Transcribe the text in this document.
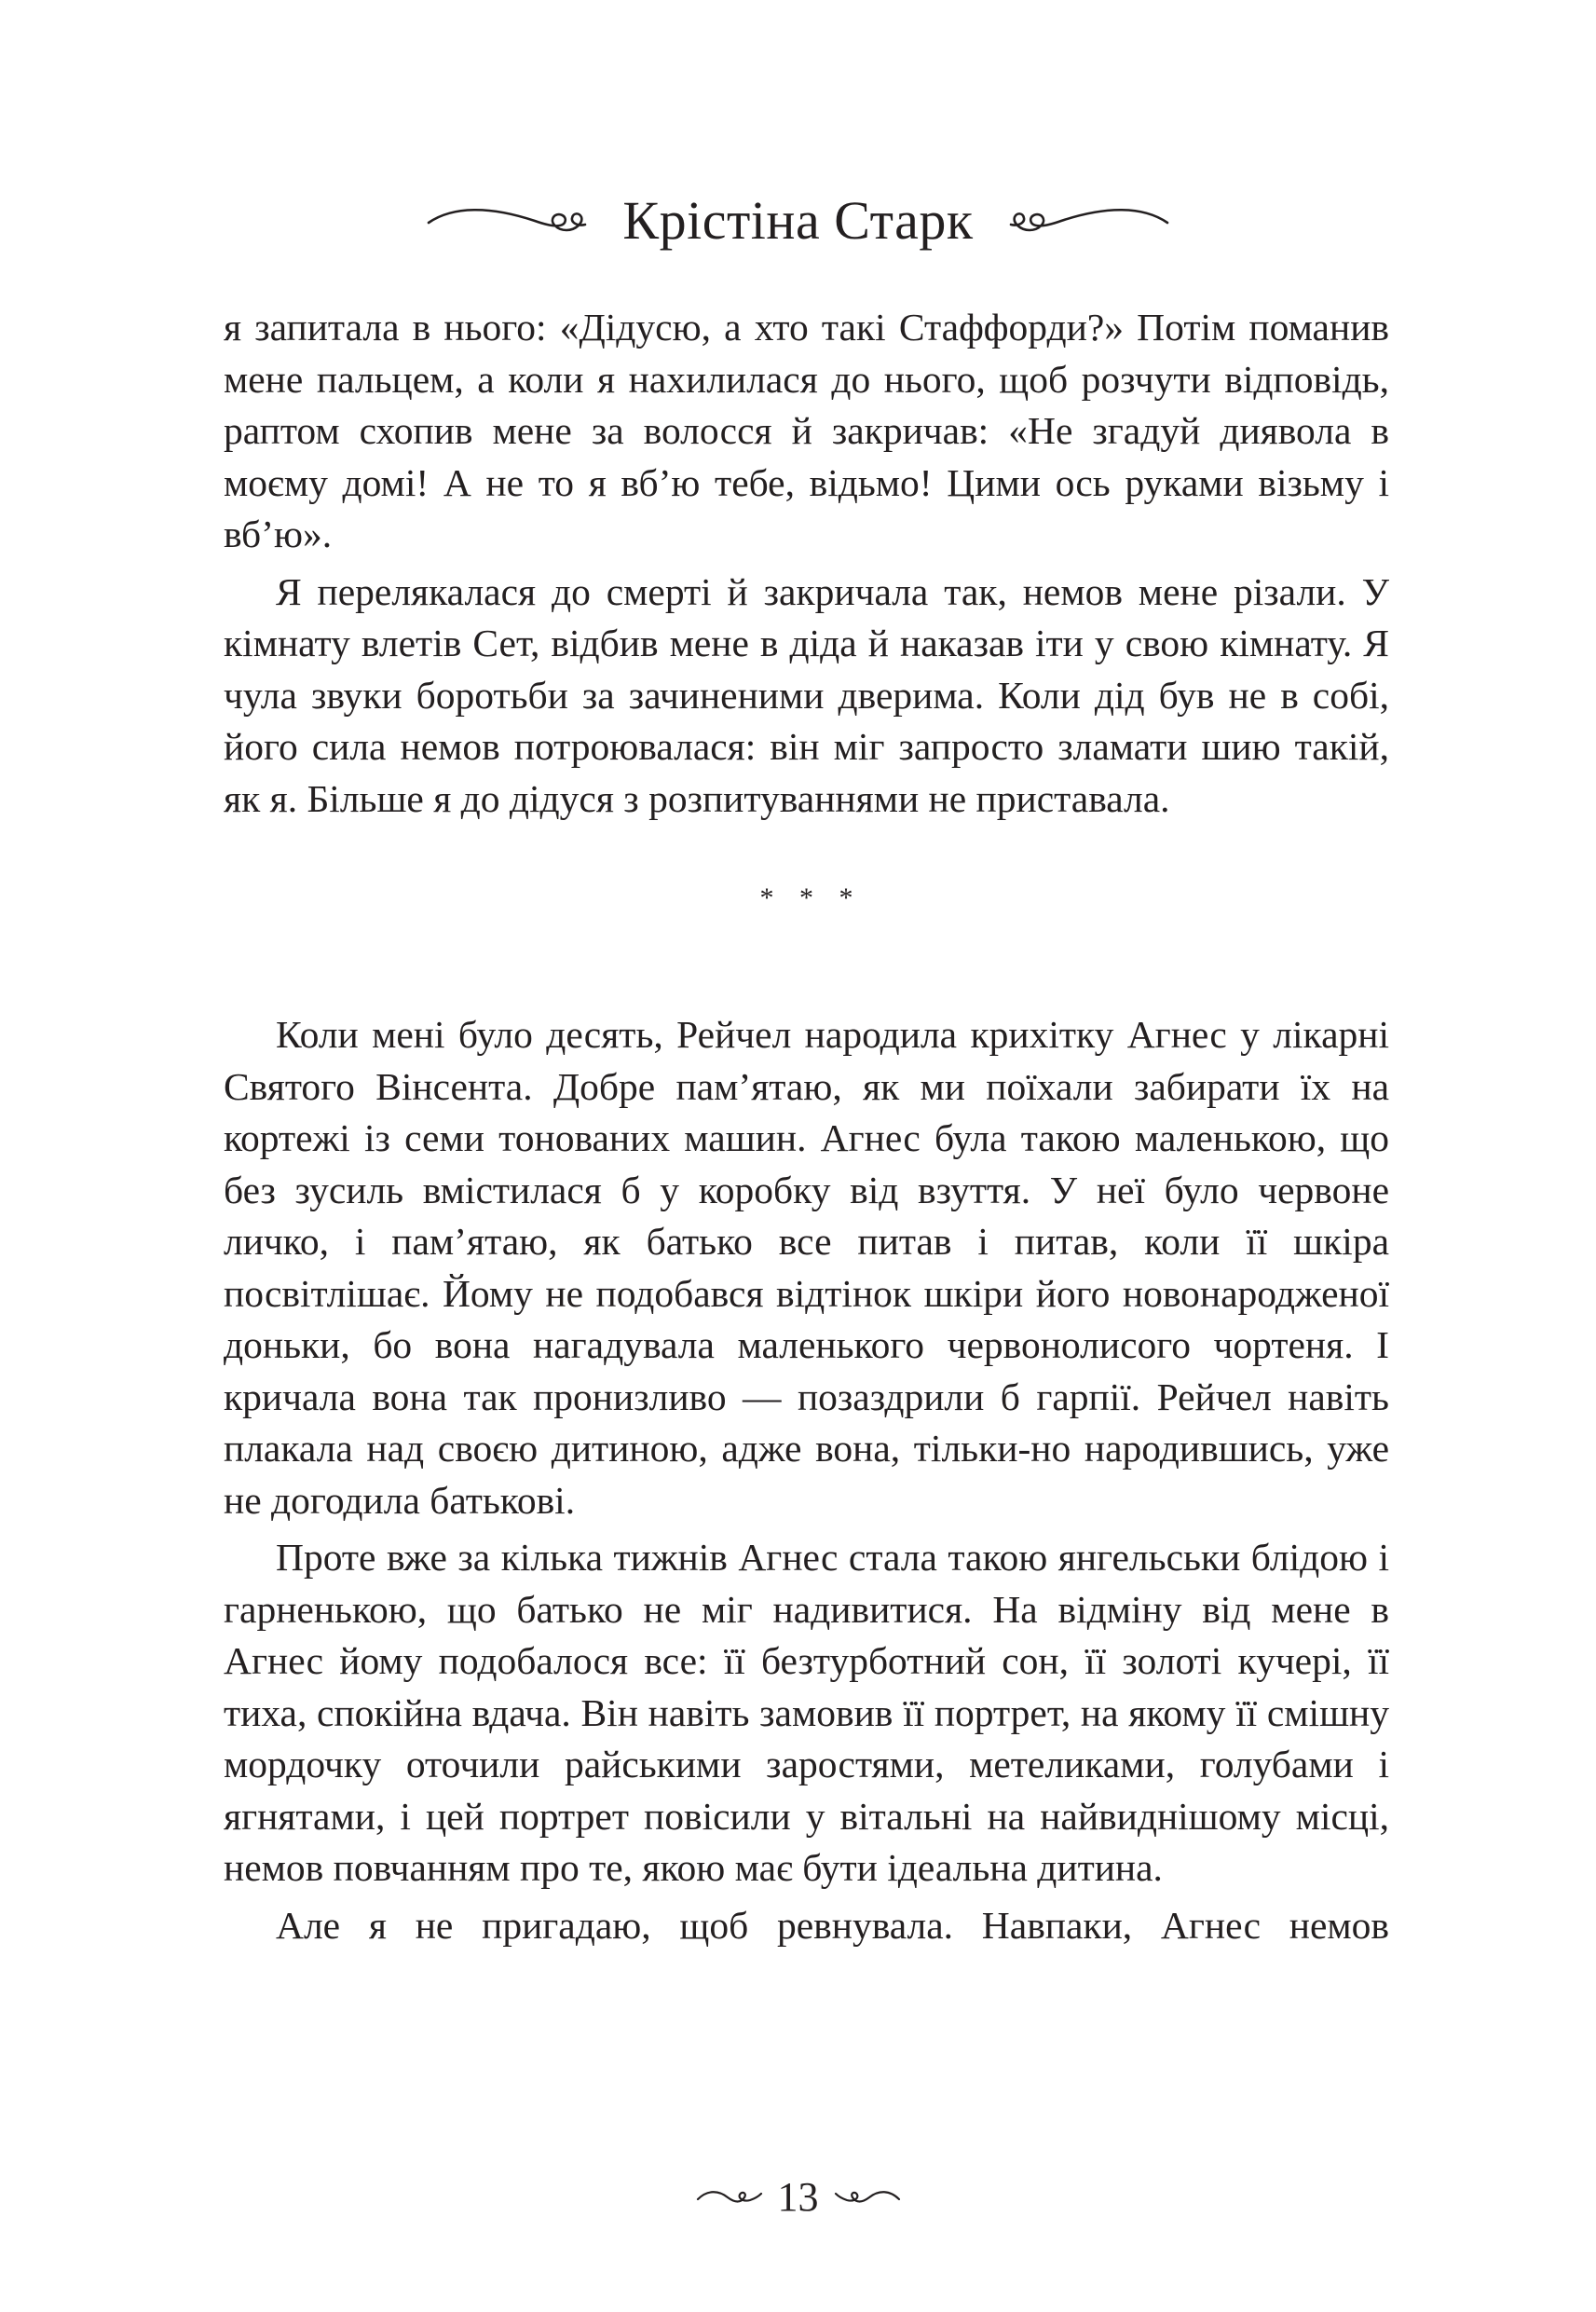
Крістіна Старк

я запитала в нього: «Дідусю, а хто такі Стаффорди?» Потім поманив мене пальцем, а коли я нахилилася до нього, щоб розчути відповідь, раптом схопив мене за волосся й закричав: «Не згадуй диявола в моєму домі! А не то я вб’ю тебе, відьмо! Цими ось руками візьму і вб’ю».

Я перелякалася до смерті й закричала так, немов мене різали. У кімнату влетів Сет, відбив мене в діда й наказав іти у свою кімнату. Я чула звуки боротьби за зачиненими дверима. Коли дід був не в собі, його сила немов потроювалася: він міг запросто зламати шию такій, як я. Більше я до дідуся з розпитуваннями не приставала.

* * *

Коли мені було десять, Рейчел народила крихітку Агнес у лікарні Святого Вінсента. Добре пам’ятаю, як ми поїхали забирати їх на кортежі із семи тонованих машин. Агнес була такою маленькою, що без зусиль вмістилася б у коробку від взуття. У неї було червоне личко, і пам’ятаю, як батько все питав і питав, коли її шкіра посвітлішає. Йому не подобався відтінок шкіри його новонародженої доньки, бо вона нагадувала маленького червонолисого чортеня. І кричала вона так пронизливо — позаздрили б гарпії. Рейчел навіть плакала над своєю дитиною, адже вона, тільки-но народившись, уже не догодила батькові.

Проте вже за кілька тижнів Агнес стала такою янгельськи блідою і гарненькою, що батько не міг надивитися. На відміну від мене в Агнес йому подобалося все: її безтурботний сон, її золоті кучері, її тиха, спокійна вдача. Він навіть замовив її портрет, на якому її смішну мордочку оточили райськими заростями, метеликами, голубами і ягнятами, і цей портрет повісили у вітальні на найвиднішому місці, немов повчанням про те, якою має бути ідеальна дитина.

Але я не пригадаю, щоб ревнувала. Навпаки, Агнес немов

13
